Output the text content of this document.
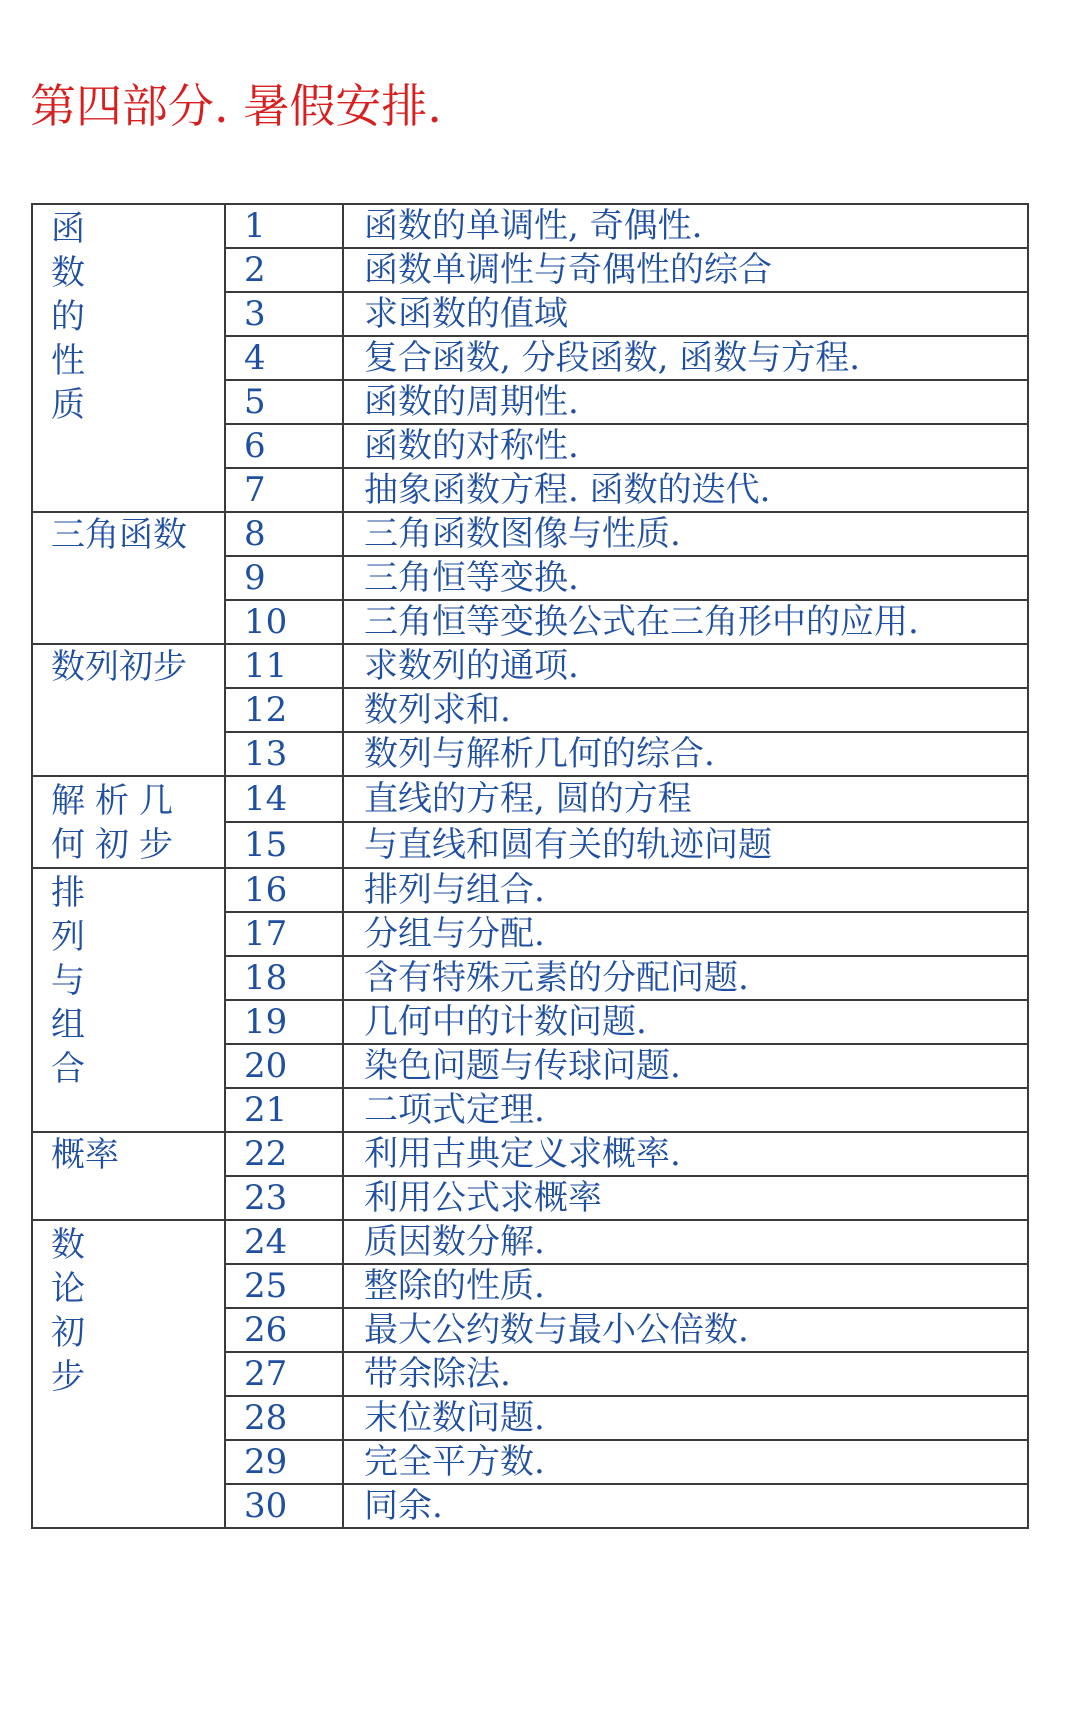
第四部分. 暑假安排.
函数的性质	1	函数的单调性, 奇偶性.
	2	函数单调性与奇偶性的综合
	3	求函数的值域
	4	复合函数, 分段函数, 函数与方程.
	5	函数的周期性.
	6	函数的对称性.
	7	抽象函数方程. 函数的迭代.

三角函数	8	三角函数图像与性质.
	9	三角恒等变换.
	10	三角恒等变换公式在三角形中的应用.

数列初步	11	求数列的通项.
	12	数列求和.
	13	数列与解析几何的综合.

解析几何初步	14	直线的方程, 圆的方程
	15	与直线和圆有关的轨迹问题

排列与组合	16	排列与组合.
	17	分组与分配.
	18	含有特殊元素的分配问题.
	19	几何中的计数问题.
	20	染色问题与传球问题.
	21	二项式定理.

概率	22	利用古典定义求概率.
	23	利用公式求概率

数论初步	24	质因数分解.
	25	整除的性质.
	26	最大公约数与最小公倍数.
	27	带余除法.
	28	末位数问题.
	29	完全平方数.
	30	同余.
